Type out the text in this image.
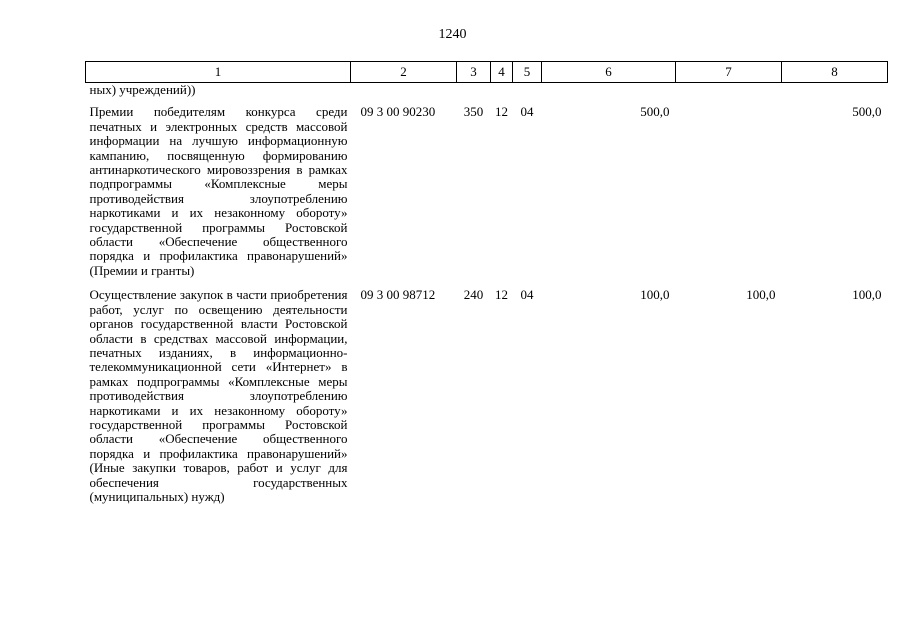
1240
1	2	3	4	5	6	7	8
ных) учреждений))							
Премии победителям конкурса среди печатных и электронных средств массовой информации на лучшую информационную кампанию, посвященную формированию антинаркотического мировоззрения в рамках подпрограммы «Комплексные меры противодействия злоупотреблению наркотиками и их незаконному обороту» государственной программы Ростовской области «Обеспечение общественного порядка и профилактика правонарушений» (Премии и гранты)	09 3 00 90230	350	12	04	500,0		500,0
Осуществление закупок в части приобретения работ, услуг по освещению деятельности органов государственной власти Ростовской области в средствах массовой информации, печатных изданиях, в информационно-телекоммуникационной сети «Интернет» в рамках подпрограммы «Комплексные меры противодействия злоупотреблению наркотиками и их незаконному обороту» государственной программы Ростовской области «Обеспечение общественного порядка и профилактика правонарушений» (Иные закупки товаров, работ и услуг для обеспечения государственных (муниципальных) нужд)	09 3 00 98712	240	12	04	100,0	100,0	100,0
